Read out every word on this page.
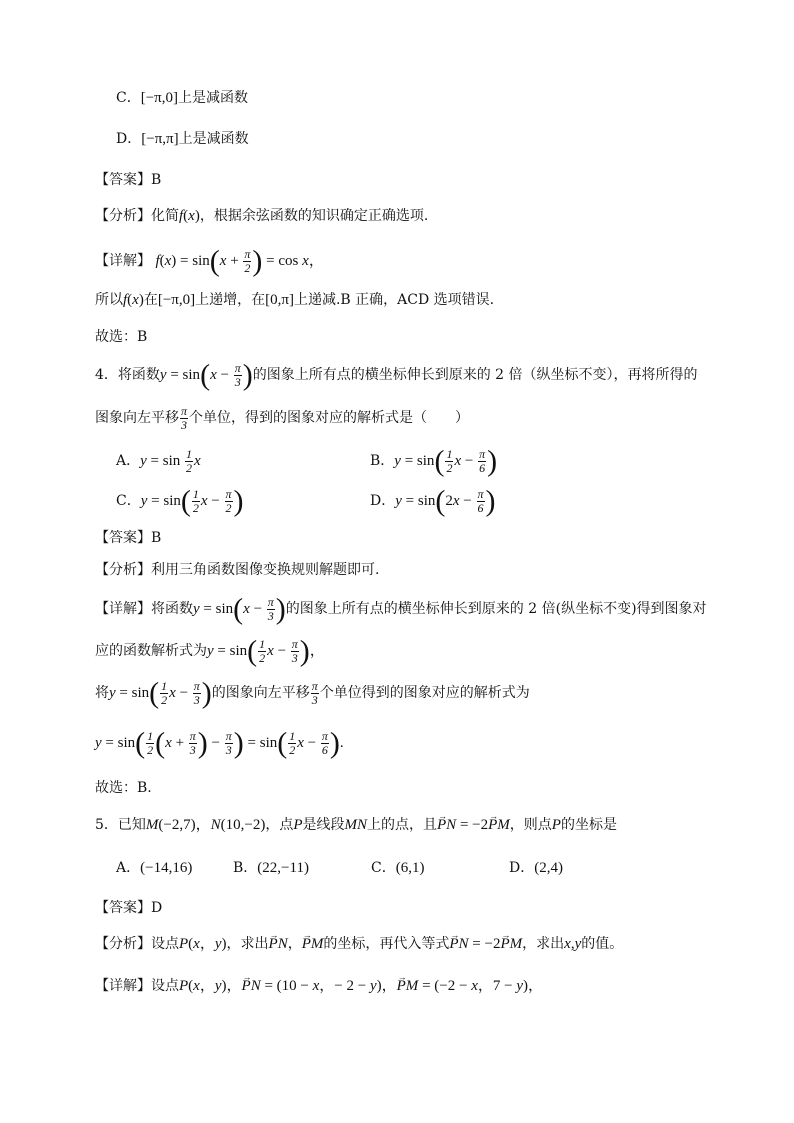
C．[−π,0]上是减函数
D．[−π,π]上是减函数
【答案】B
【分析】化简f(x)，根据余弦函数的知识确定正确选项.
【详解】 $f(x) = \sin(x + \frac{\pi}{2}$ ) = cos x，
所以f(x)在[−π,0]上递增，在[0,π]上递减.B 正确，ACD 选项错误.
故选：B
4．将函数$y = \sin(x - \frac{\pi}{3}$ )的图象上所有点的横坐标伸长到原来的 2 倍（纵坐标不变），再将所得的
图象向左平移 $\frac{\pi}{3}$ 个单位，得到的图象对应的解析式是（　　）
A．$y = \sin \frac{1}{2}$ x	B．$y = \sin( \frac{1}{2}$ $x - \frac{\pi}{6}$ )
C．$y = \sin( \frac{1}{2}$ $x - \frac{\pi}{2}$ )	D．$y = \sin(2x - \frac{\pi}{6}$ )
【答案】B
【分析】利用三角函数图像变换规则解题即可.
【详解】将函数$y = \sin(x - \frac{\pi}{3}$ )的图象上所有点的横坐标伸长到原来的 2 倍(纵坐标不变)得到图象对
应的函数解析式为$y = \sin( \frac{1}{2}$ $x - \frac{\pi}{3}$ )，
将$y = \sin( \frac{1}{2}$ $x - \frac{\pi}{3}$ )的图象向左平移 $\frac{\pi}{3}$ 个单位得到的图象对应的解析式为
$y = \sin( \frac{1}{2} (x + \frac{\pi}{3}$ ) − $\frac{\pi}{3}$ ) = $\sin( \frac{1}{2}$ $x - \frac{\pi}{6}$ ).
故选：B.
5．已知M(−2,7)，N(10,−2)，点P是线段MN上的点，且→ PN = −2→ PM，则点P的坐标是
A．(−14,16)	B．(22,−11)	C．(6,1)	D．(2,4)
【答案】D
【分析】设点P(x，y)，求出→ PN，→ PM的坐标，再代入等式→ PN = −2→ PM，求出x,y的值。
【详解】设点P(x，y)，→ PN = (10 − x，− 2 − y)，→ PM = (−2 − x，7 − y)，
